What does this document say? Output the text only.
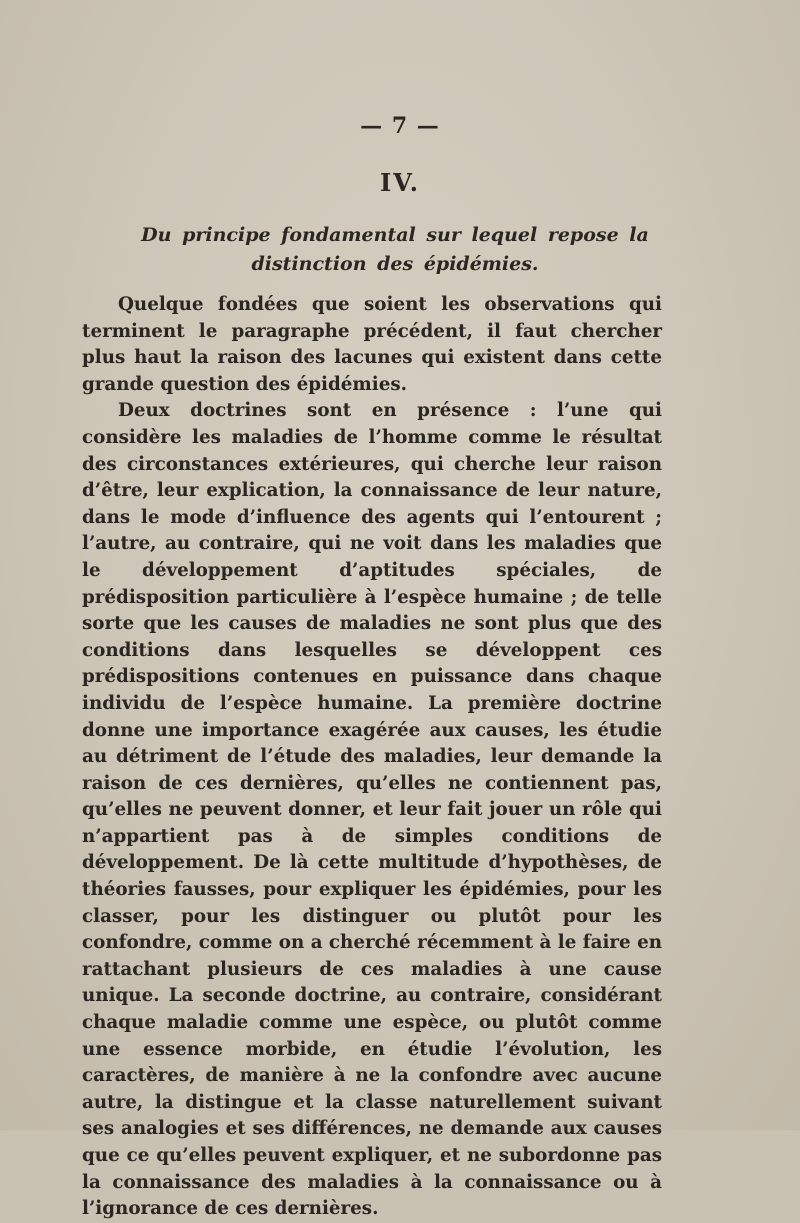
— 7 —
IV.
Du principe fondamental sur lequel repose la distinction des épidémies.

Quelque fondées que soient les observations qui terminent le paragraphe précédent, il faut chercher plus haut la raison des lacunes qui existent dans cette grande question des épidémies.

Deux doctrines sont en présence : l’une qui considère les maladies de l’homme comme le résultat des circonstances extérieures, qui cherche leur raison d’être, leur explication, la connaissance de leur nature, dans le mode d’influence des agents qui l’entourent ; l’autre, au contraire, qui ne voit dans les maladies que le développement d’aptitudes spéciales, de prédisposition particulière à l’espèce humaine ; de telle sorte que les causes de maladies ne sont plus que des conditions dans lesquelles se développent ces prédispositions contenues en puissance dans chaque individu de l’espèce humaine. La première doctrine donne une importance exagérée aux causes, les étudie au détriment de l’étude des maladies, leur demande la raison de ces dernières, qu’elles ne contiennent pas, qu’elles ne peuvent donner, et leur fait jouer un rôle qui n’appartient pas à de simples conditions de développement. De là cette multitude d’hypothèses, de théories fausses, pour expliquer les épidémies, pour les classer, pour les distinguer ou plutôt pour les confondre, comme on a cherché récemment à le faire en rattachant plusieurs de ces maladies à une cause unique. La seconde doctrine, au contraire, considérant chaque maladie comme une espèce, ou plutôt comme une essence morbide, en étudie l’évolution, les caractères, de manière à ne la confondre avec aucune autre, la distingue et la classe naturellement suivant ses analogies et ses différences, ne demande aux causes que ce qu’elles peuvent expliquer, et ne subordonne pas la connaissance des maladies à la connaissance ou à l’ignorance de ces dernières.
